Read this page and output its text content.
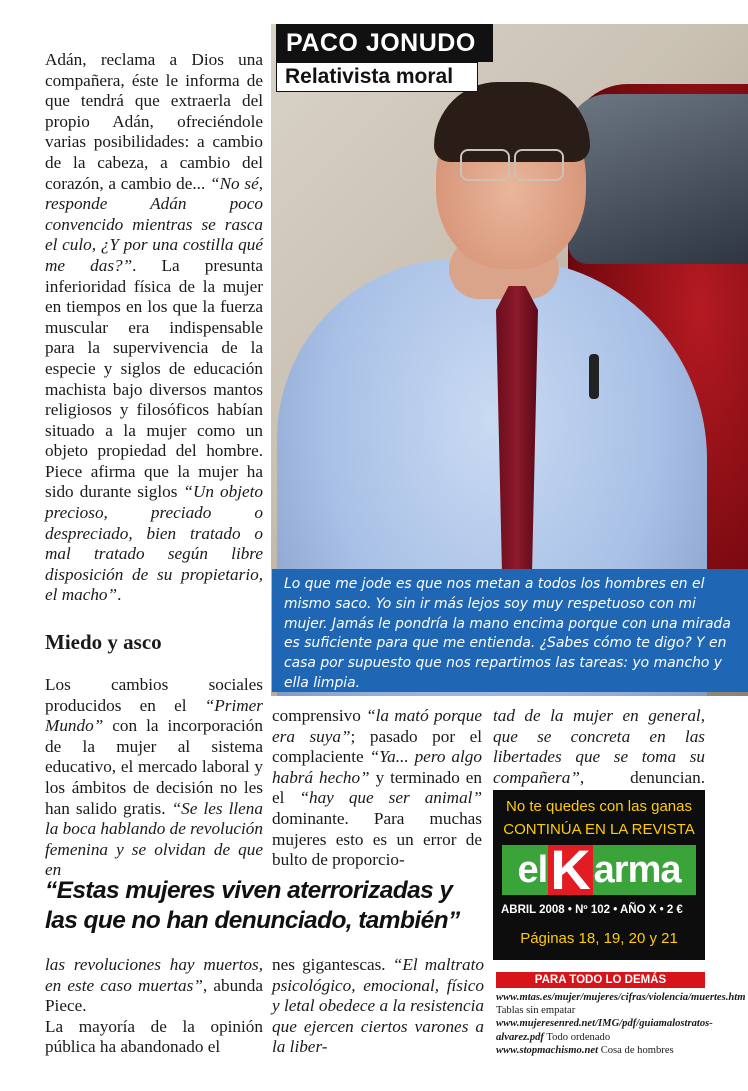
PACO JONUDO
Relativista moral
Lo que me jode es que nos metan a todos los hombres en el mismo saco. Yo sin ir más lejos soy muy respetuoso con mi mujer. Jamás le pondría la mano encima porque con una mirada es suficiente para que me entienda. ¿Sabes cómo te digo? Y en casa por supuesto que nos repartimos las tareas: yo mancho y ella limpia.

Adán, reclama a Dios una compañera, éste le informa de que tendrá que extraerla del propio Adán, ofreciéndole varias posibilidades: a cambio de la cabeza, a cambio del corazón, a cambio de... “No sé, responde Adán poco convencido mientras se rasca el culo, ¿Y por una costilla qué me das?”. La presunta inferioridad física de la mujer en tiempos en los que la fuerza muscular era indispensable para la supervivencia de la especie y siglos de educación machista bajo diversos mantos religiosos y filosóficos habían situado a la mujer como un objeto propiedad del hombre. Piece afirma que la mujer ha sido durante siglos “Un objeto precioso, preciado o despreciado, bien tratado o mal tratado según libre disposición de su propietario, el macho”.

Miedo y asco

Los cambios sociales producidos en el “Primer Mundo” con la incorporación de la mujer al sistema educativo, el mercado laboral y los ámbitos de decisión no les han salido gratis. “Se les llena la boca hablando de revolución femenina y se olvidan de que en

comprensivo “la mató porque era suya”; pasado por el complaciente “Ya... pero algo habrá hecho” y terminado en el “hay que ser animal” dominante. Para muchas mujeres esto es un error de bulto de proporcio-

tad de la mujer en general, que se concreta en las libertades que se toma su compañera”, denuncian.

No te quedes con las ganas
CONTINÚA EN LA REVISTA
el K arma
ABRIL 2008 • Nº 102 • AÑO X • 2 €
Páginas 18, 19, 20 y 21
“Estas mujeres viven aterrorizadas y las que no han denunciado, también”

las revoluciones hay muertos, en este caso muertas”, abunda Piece.

La mayoría de la opinión pública ha abandonado el

nes gigantescas. “El maltrato psicológico, emocional, físico y letal obedece a la resistencia que ejercen ciertos varones a la liber-

PARA TODO LO DEMÁS
www.mtas.es/mujer/mujeres/cifras/violencia/muertes.htm Tablas sin empatar
www.mujeresenred.net/IMG/pdf/guiamalostratos-alvarez.pdf Todo ordenado
www.stopmachismo.net Cosa de hombres
